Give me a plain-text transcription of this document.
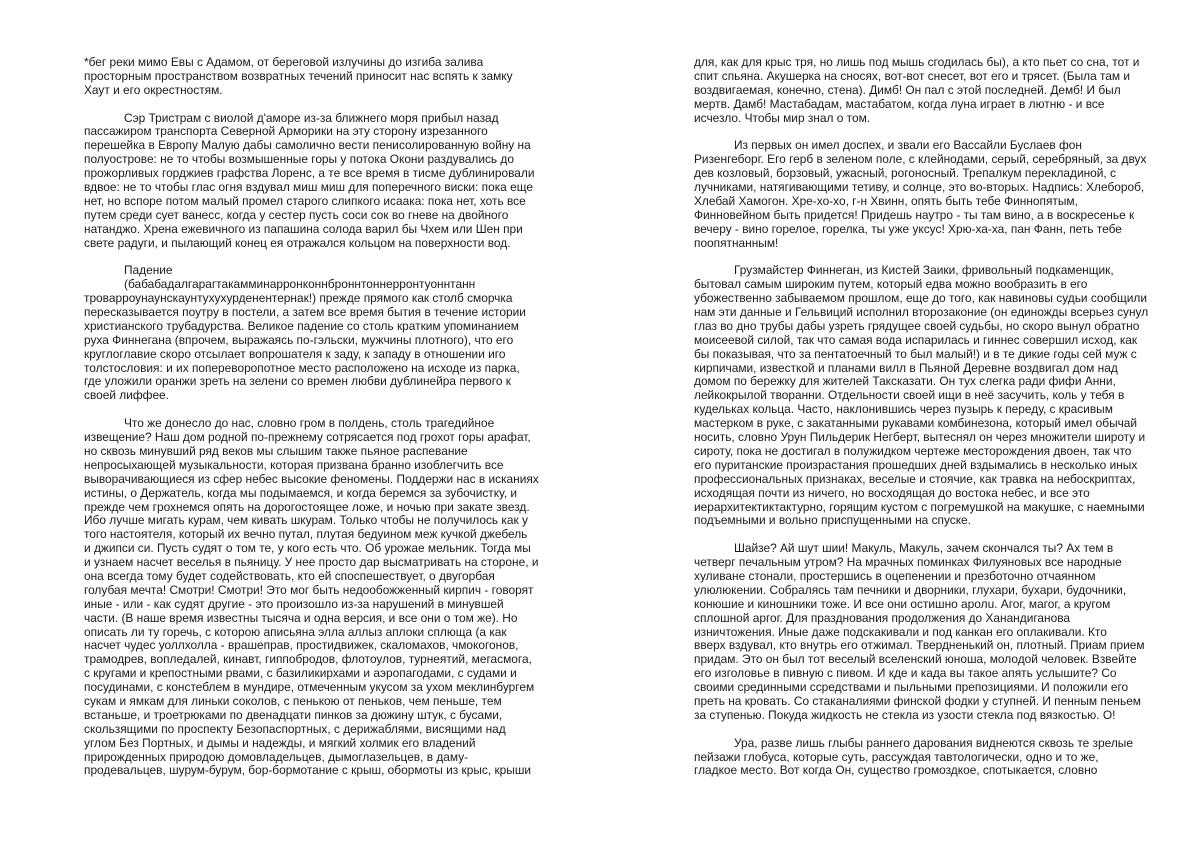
*бег реки мимо Евы с Адамом, от береговой излучины до изгиба залива
просторным пространством возвратных течений приносит нас вспять к замку
Хаут и его окрестностям.
Сэр Тристрам с виолой д'аморе из-за ближнего моря прибыл назад
пассажиром транспорта Северной Арморики на эту сторону изрезанного
перешейка в Европу Малую дабы самолично вести пенисолированную войну на
полуострове: не то чтобы возмышенные горы у потока Окони раздувались до
прожорливых горджиев графства Лоренс, а те все время в тисме дублинировали
вдвое: не то чтобы глас огня вздувал миш миш для поперечного виски: пока еще
нет, но вспоре потом малый промел старого слипкого исаака: пока нет, хоть все
путем среди сует ванесс, когда у сестер пусть соси сок во гневе на двойного
натанджо. Хрена ежевичного из папашина солода варил бы Чхем или Шен при
свете радуги, и пылающий конец ея отражался кольцом на поверхности вод.
Падение
(бабабадалгарагтакамминарронконнброннтоннерронтуоннтанн
троварроунаунскаунтухухурденентернак!) прежде прямого как столб сморчка
пересказывается поутру в постели, а затем все время бытия в течение истории
христианского трубадурства. Великое падение со столь кратким упоминанием
руха Финнегана (впрочем, выражаясь по-гэльски, мужчины плотного), что его
круглоглавие скоро отсылает вопрошателя к заду, к западу в отношении иго
толстословия: и их попереворопотное место расположено на исходе из парка,
где уложили оранжи зреть на зелени со времен любви дублинейра первого к
своей лиффее.
Что же донесло до нас, словно гром в полдень, столь трагедийное
извещение? Наш дом родной по-прежнему сотрясается под грохот горы арафат,
но сквозь минувший ряд веков мы слышим также пьяное распевание
непросыхающей музыкальности, которая призвана бранно изоблегчить все
выворачивающиеся из сфер небес высокие феномены. Поддержи нас в исканиях
истины, о Держатель, когда мы подымаемся, и когда беремся за зубочистку, и
прежде чем грохнемся опять на дорогостоящее ложе, и ночью при закате звезд.
Ибо лучше мигать курам, чем кивать шкурам. Только чтобы не получилось как у
того настоятеля, который их вечно путал, плутая бедуином меж кучкой джебель
и джипси си. Пусть судят о том те, у кого есть что. Об урожае мельник. Тогда мы
и узнаем насчет веселья в пьяницу. У нее просто дар высматривать на стороне, и
она всегда тому будет содействовать, кто ей споспешествует, о двугорбая
голубая мечта! Смотри! Смотри! Это мог быть недообожженный кирпич - говорят
иные - или - как судят другие - это произошло из-за нарушений в минувшей
части. (В наше время известны тысяча и одна версия, и все они о том же). Но
описать ли ту горечь, с которою аписьяна элла аллыз аплоки сплюща (а как
насчет чудес уоллхолла - врашеправ, простидвижек, скаломахов, чмокогонов,
трамодрев, вопледалей, кинавт, гиппобродов, флотоулов, турнеятий, мегасмога,
с кругами и крепостными рвами, с базиликирхами и аэропагодами, с судами и
посудинами, с констеблем в мундире, отмеченным укусом за ухом меклинбургем
сукам и ямкам для линьки соколов, с пенькою от пеньков, чем пеньше, тем
встаньше, и троетрюками по двенадцати пинков за дюжину штук, с бусами,
скользящими по проспекту Безопаспортных, с дерижаблями, висящими над
углом Без Портных, и дымы и надежды, и мягкий холмик его владений
прирожденных природою домовладельцев, дымоглазельцев, в даму-
продевальцев, шурум-бурум, бор-бормотание с крыш, обормоты из крыс, крыши
для, как для крыс тря, но лишь под мышь сгодилась бы), а кто пьет со сна, тот и
спит спьяна. Акушерка на сносях, вот-вот снесет, вот его и трясет. (Была там и
воздвигаемая, конечно, стена). Димб! Он пал с этой последней. Демб! И был
мертв. Дамб! Мастабадам, мастабатом, когда луна играет в лютню - и все
исчезло. Чтобы мир знал о том.
Из первых он имел доспех, и звали его Вассайли Буслаев фон
Ризенгеборг. Его герб в зеленом поле, с клейнодами, серый, серебряный, за двух
дев козловый, борзовый, ужасный, рогоносный. Трепалкум перекладиной, с
лучниками, натягивающими тетиву, и солнце, это во-вторых. Надпись: Хлебороб,
Хлебай Хамогон. Хре-хо-хо, г-н Хвинн, опять быть тебе Финнопятым,
Финновейном быть придется! Придешь наутро - ты там вино, а в воскресенье к
вечеру - вино горелое, горелка, ты уже уксус! Хрю-ха-ха, пан Фанн, петь тебе
поопятнанным!
Грузмайстер Финнеган, из Кистей Заики, фривольный подкаменщик,
бытовал самым широким путем, который едва можно вообразить в его
убожественно забываемом прошлом, еще до того, как навиновы судьи сообщили
нам эти данные и Гельвиций исполнил второзаконие (он единожды всерьез сунул
глаз во дно трубы дабы узреть грядущее своей судьбы, но скоро вынул обратно
моисеевой силой, так что самая вода испарилась и гиннес совершил исход, как
бы показывая, что за пентатоечный то был малый!) и в те дикие годы сей муж с
кирпичами, известкой и планами вилл в Пьяной Деревне воздвигал дом над
домом по бережку для жителей Таксказати. Он тух слегка ради фифи Анни,
лейкокрылой творанни. Отдельности своей ищи в неё засучить, коль у тебя в
кудельках кольца. Часто, наклонившись через пузырь к переду, с красивым
мастерком в руке, с закатанными рукавами комбинезона, который имел обычай
носить, словно Урун Пильдерик Негберт, вытеснял он через множители широту и
сироту, пока не достигал в полужидком чертеже месторождения двоен, так что
его пуританские произрастания прошедших дней вздымались в несколько иных
профессиональных признаках, веселые и стоячие, как травка на небоскриптах,
исходящая почти из ничего, но восходящая до востока небес, и все это
иерархитектиктактурно, горящим кустом с погремушкой на макушке, с наемными
подъемными и вольно приспущенными на спуске.
Шайзе? Ай шут шии! Макуль, Макуль, зачем скончался ты? Ах тем в
четверг печальным утром? На мрачных поминках Филуяновых все народные
хуливане стонали, простершись в оцепенении и презботочно отчаянном
улюлюкении. Собралясь там печники и дворники, глухари, бухари, будочники,
конюшие и киношники тоже. И все они остишно аролu. Агог, магог, а кругом
сплошной аргог. Для празднования продолжения до Ханандиганова
изничтожения. Иные даже подскакивали и под канкан его оплакивали. Кто
вверх вздувал, кто внутрь его отжимал. Твердненький он, плотный. Приам прием
придам. Это он был тот веселый вселенский юноша, молодой человек. Взвейте
его изголовье в пивную с пивом. И кде и када вы такое апять услышите? Со
своими срединными ссредствами и пыльными препозициями. И положили его
преть на кровать. Со стаканалиями финской фодки у ступней. И пенным пеньем
за ступенью. Покуда жидкость не стекла из узости стекла под вязкостью. О!
Ура, разве лишь глыбы раннего дарования виднеются сквозь те зрелые
пейзажи глобуса, которые суть, рассуждая тавтологически, одно и то же,
гладкое место. Вот когда Он, существо громоздкое, спотыкается, словно
